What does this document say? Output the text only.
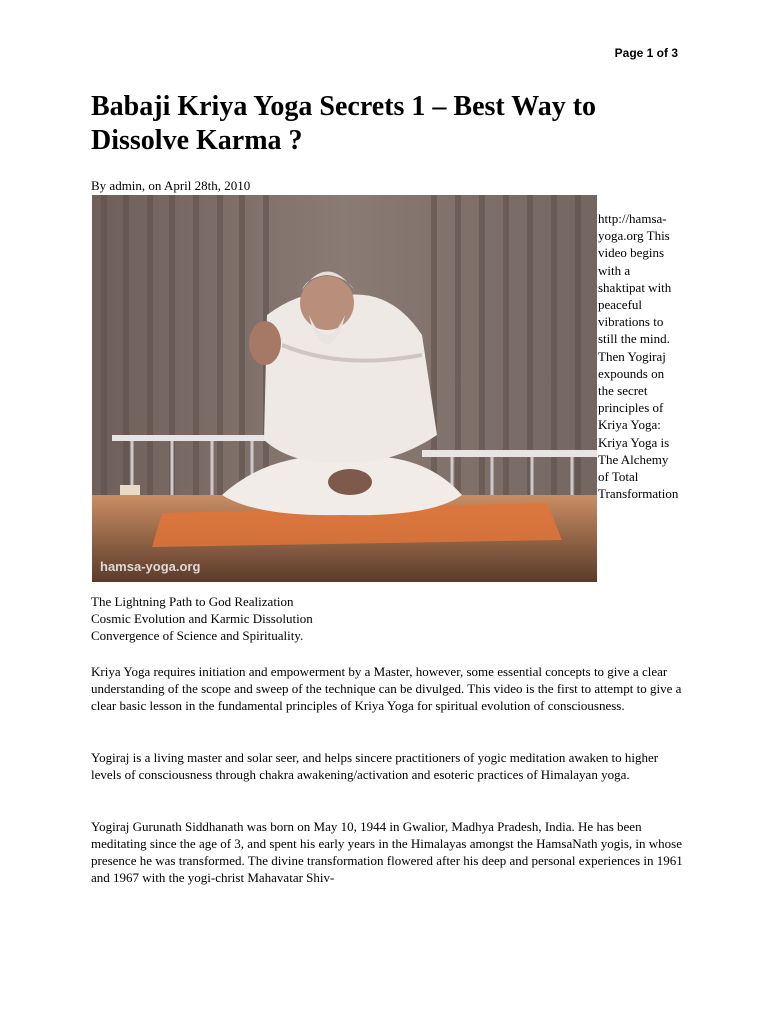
Page 1 of 3
Babaji Kriya Yoga Secrets 1 – Best Way to Dissolve Karma ?
By admin, on April 28th, 2010
hamsa-yoga.org
http://hamsa-yoga.org This video begins with a shaktipat with peaceful vibrations to still the mind. Then Yogiraj expounds on the secret principles of Kriya Yoga: Kriya Yoga is The Alchemy of Total Transformation
The Lightning Path to God Realization
Cosmic Evolution and Karmic Dissolution
Convergence of Science and Spirituality.

Kriya Yoga requires initiation and empowerment by a Master, however, some essential concepts to give a clear understanding of the scope and sweep of the technique can be divulged. This video is the first to attempt to give a clear basic lesson in the fundamental principles of Kriya Yoga for spiritual evolution of consciousness.

Yogiraj is a living master and solar seer, and helps sincere practitioners of yogic meditation awaken to higher levels of consciousness through chakra awakening/activation and esoteric practices of Himalayan yoga.

Yogiraj Gurunath Siddhanath was born on May 10, 1944 in Gwalior, Madhya Pradesh, India. He has been meditating since the age of 3, and spent his early years in the Himalayas amongst the HamsaNath yogis, in whose presence he was transformed. The divine transformation flowered after his deep and personal experiences in 1961 and 1967 with the yogi-christ Mahavatar Shiv-
